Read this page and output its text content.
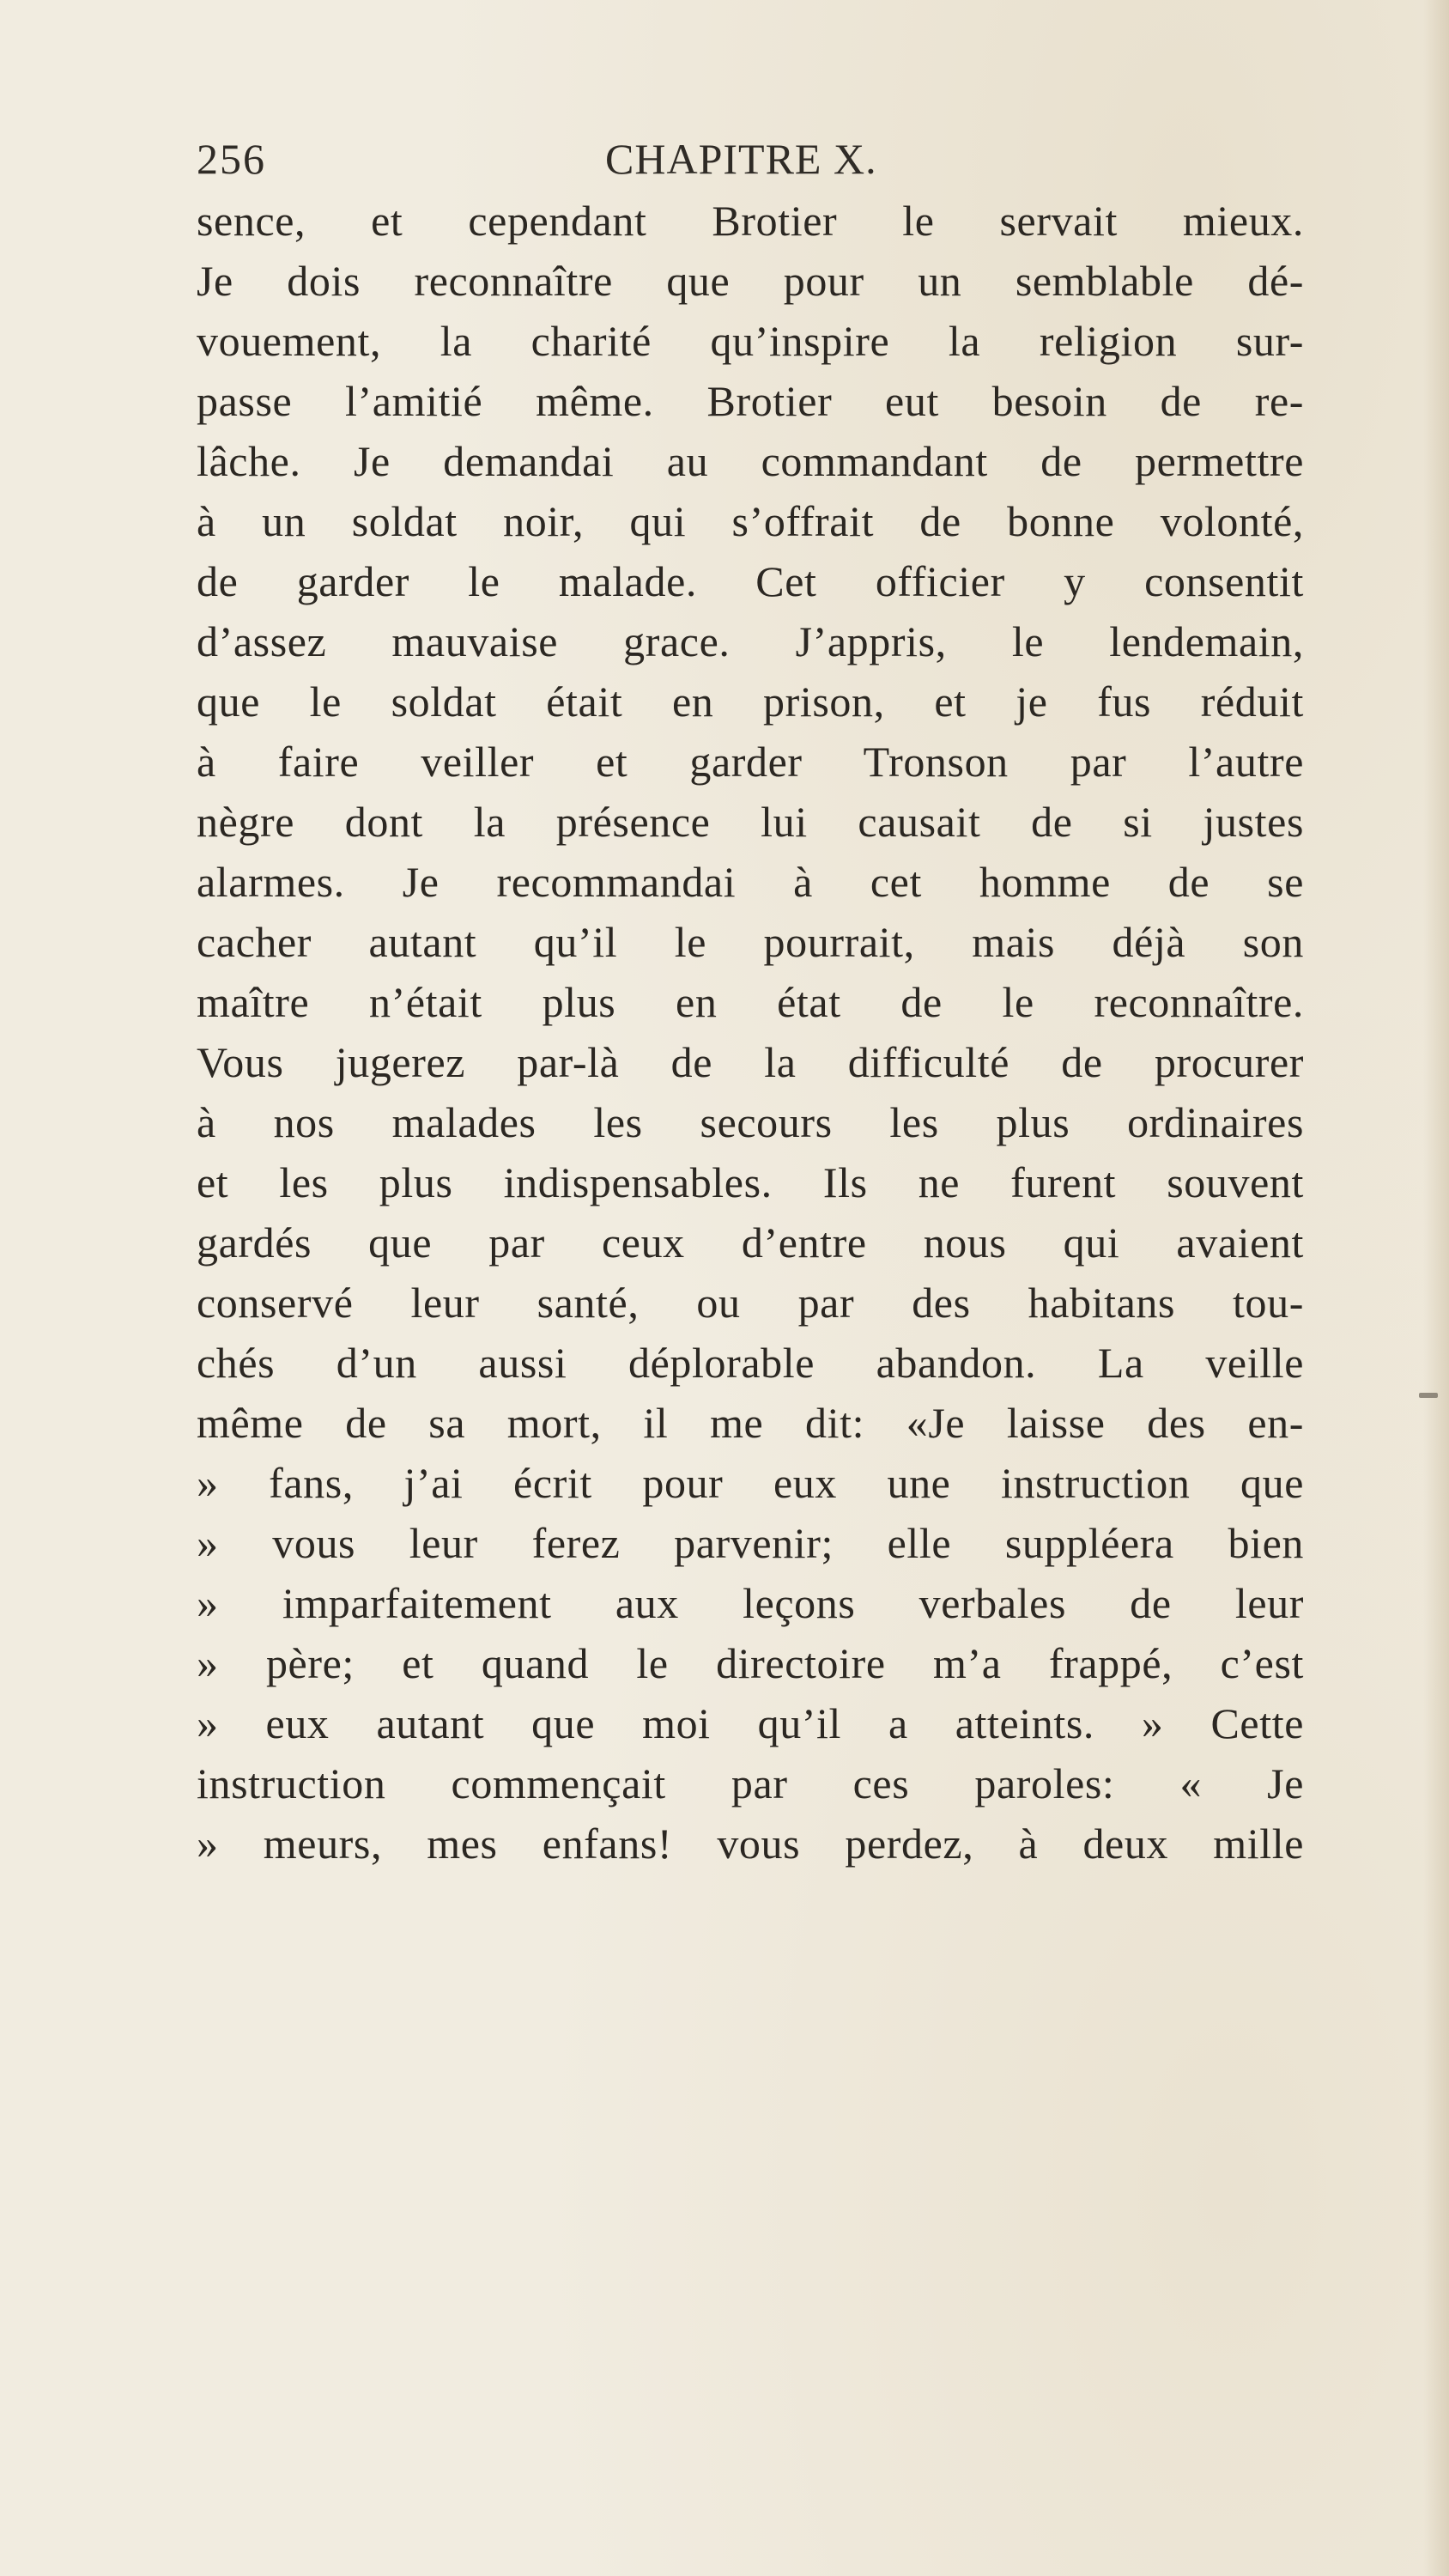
256	CHAPITRE X.
sence, et cependant Brotier le servait mieux.
Je dois reconnaître que pour un semblable dé-
vouement, la charité qu’inspire la religion sur-
passe l’amitié même. Brotier eut besoin de re-
lâche. Je demandai au commandant de permettre
à un soldat noir, qui s’offrait de bonne volonté,
de garder le malade. Cet officier y consentit
d’assez mauvaise grace. J’appris, le lendemain,
que le soldat était en prison, et je fus réduit
à faire veiller et garder Tronson par l’autre
nègre dont la présence lui causait de si justes
alarmes. Je recommandai à cet homme de se
cacher autant qu’il le pourrait, mais déjà son
maître n’était plus en état de le reconnaître.
Vous jugerez par-là de la difficulté de procurer
à nos malades les secours les plus ordinaires
et les plus indispensables. Ils ne furent souvent
gardés que par ceux d’entre nous qui avaient
conservé leur santé, ou par des habitans tou-
chés d’un aussi déplorable abandon. La veille
même de sa mort, il me dit: «Je laisse des en-
» fans, j’ai écrit pour eux une instruction que
» vous leur ferez parvenir; elle suppléera bien
» imparfaitement aux leçons verbales de leur
» père; et quand le directoire m’a frappé, c’est
» eux autant que moi qu’il a atteints. » Cette
instruction commençait par ces paroles: « Je
» meurs, mes enfans! vous perdez, à deux mille
